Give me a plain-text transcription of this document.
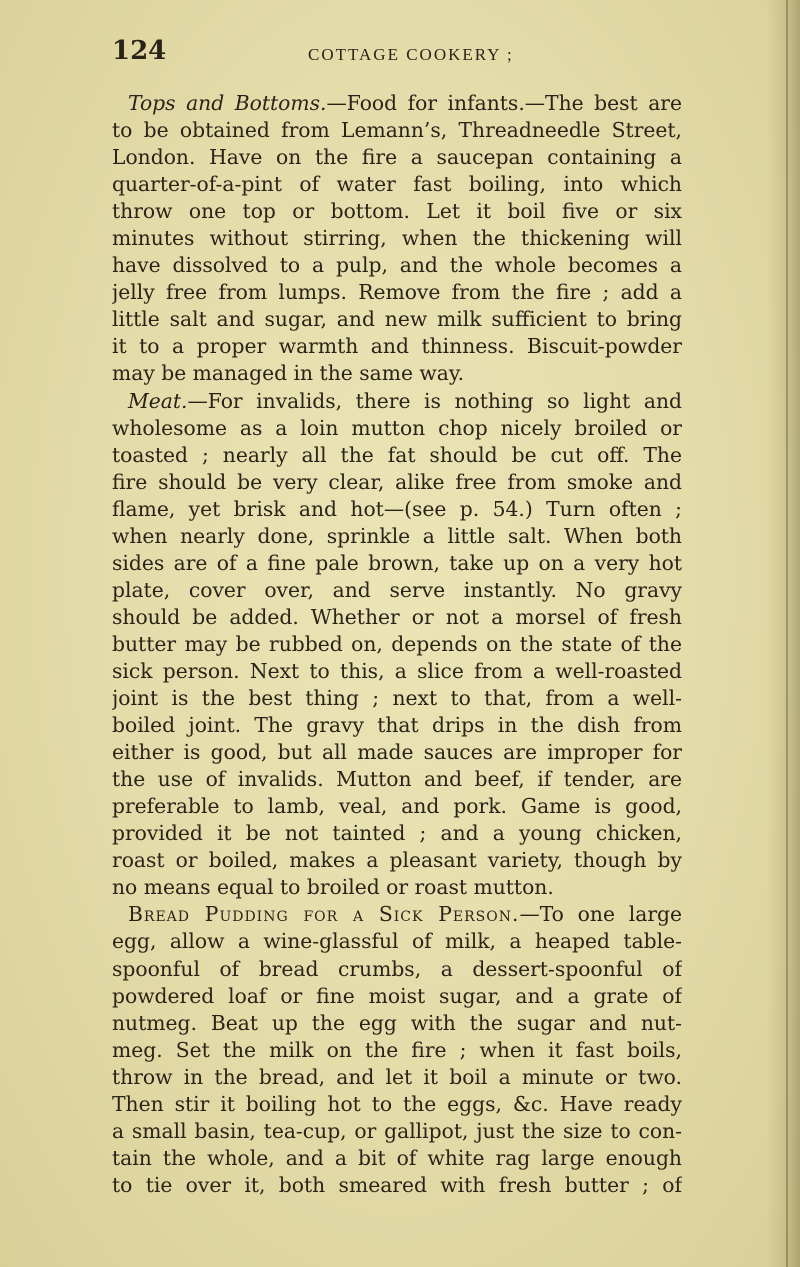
124	COTTAGE COOKERY ;
Tops and Bottoms.—Food for infants.—The best are
to be obtained from Lemann’s, Threadneedle Street,
London. Have on the fire a saucepan containing a
quarter-of-a-pint of water fast boiling, into which
throw one top or bottom. Let it boil five or six
minutes without stirring, when the thickening will
have dissolved to a pulp, and the whole becomes a
jelly free from lumps. Remove from the fire ; add a
little salt and sugar, and new milk sufficient to bring
it to a proper warmth and thinness. Biscuit-powder
may be managed in the same way.
Meat.—For invalids, there is nothing so light and
wholesome as a loin mutton chop nicely broiled or
toasted ; nearly all the fat should be cut off. The
fire should be very clear, alike free from smoke and
flame, yet brisk and hot—(see p. 54.) Turn often ;
when nearly done, sprinkle a little salt. When both
sides are of a fine pale brown, take up on a very hot
plate, cover over, and serve instantly. No gravy
should be added. Whether or not a morsel of fresh
butter may be rubbed on, depends on the state of the
sick person. Next to this, a slice from a well-roasted
joint is the best thing ; next to that, from a well-
boiled joint. The gravy that drips in the dish from
either is good, but all made sauces are improper for
the use of invalids. Mutton and beef, if tender, are
preferable to lamb, veal, and pork. Game is good,
provided it be not tainted ; and a young chicken,
roast or boiled, makes a pleasant variety, though by
no means equal to broiled or roast mutton.
Bread Pudding for a Sick Person.—To one large
egg, allow a wine-glassful of milk, a heaped table-
spoonful of bread crumbs, a dessert-spoonful of
powdered loaf or fine moist sugar, and a grate of
nutmeg. Beat up the egg with the sugar and nut-
meg. Set the milk on the fire ; when it fast boils,
throw in the bread, and let it boil a minute or two.
Then stir it boiling hot to the eggs, &c. Have ready
a small basin, tea-cup, or gallipot, just the size to con-
tain the whole, and a bit of white rag large enough
to tie over it, both smeared with fresh butter ; of
